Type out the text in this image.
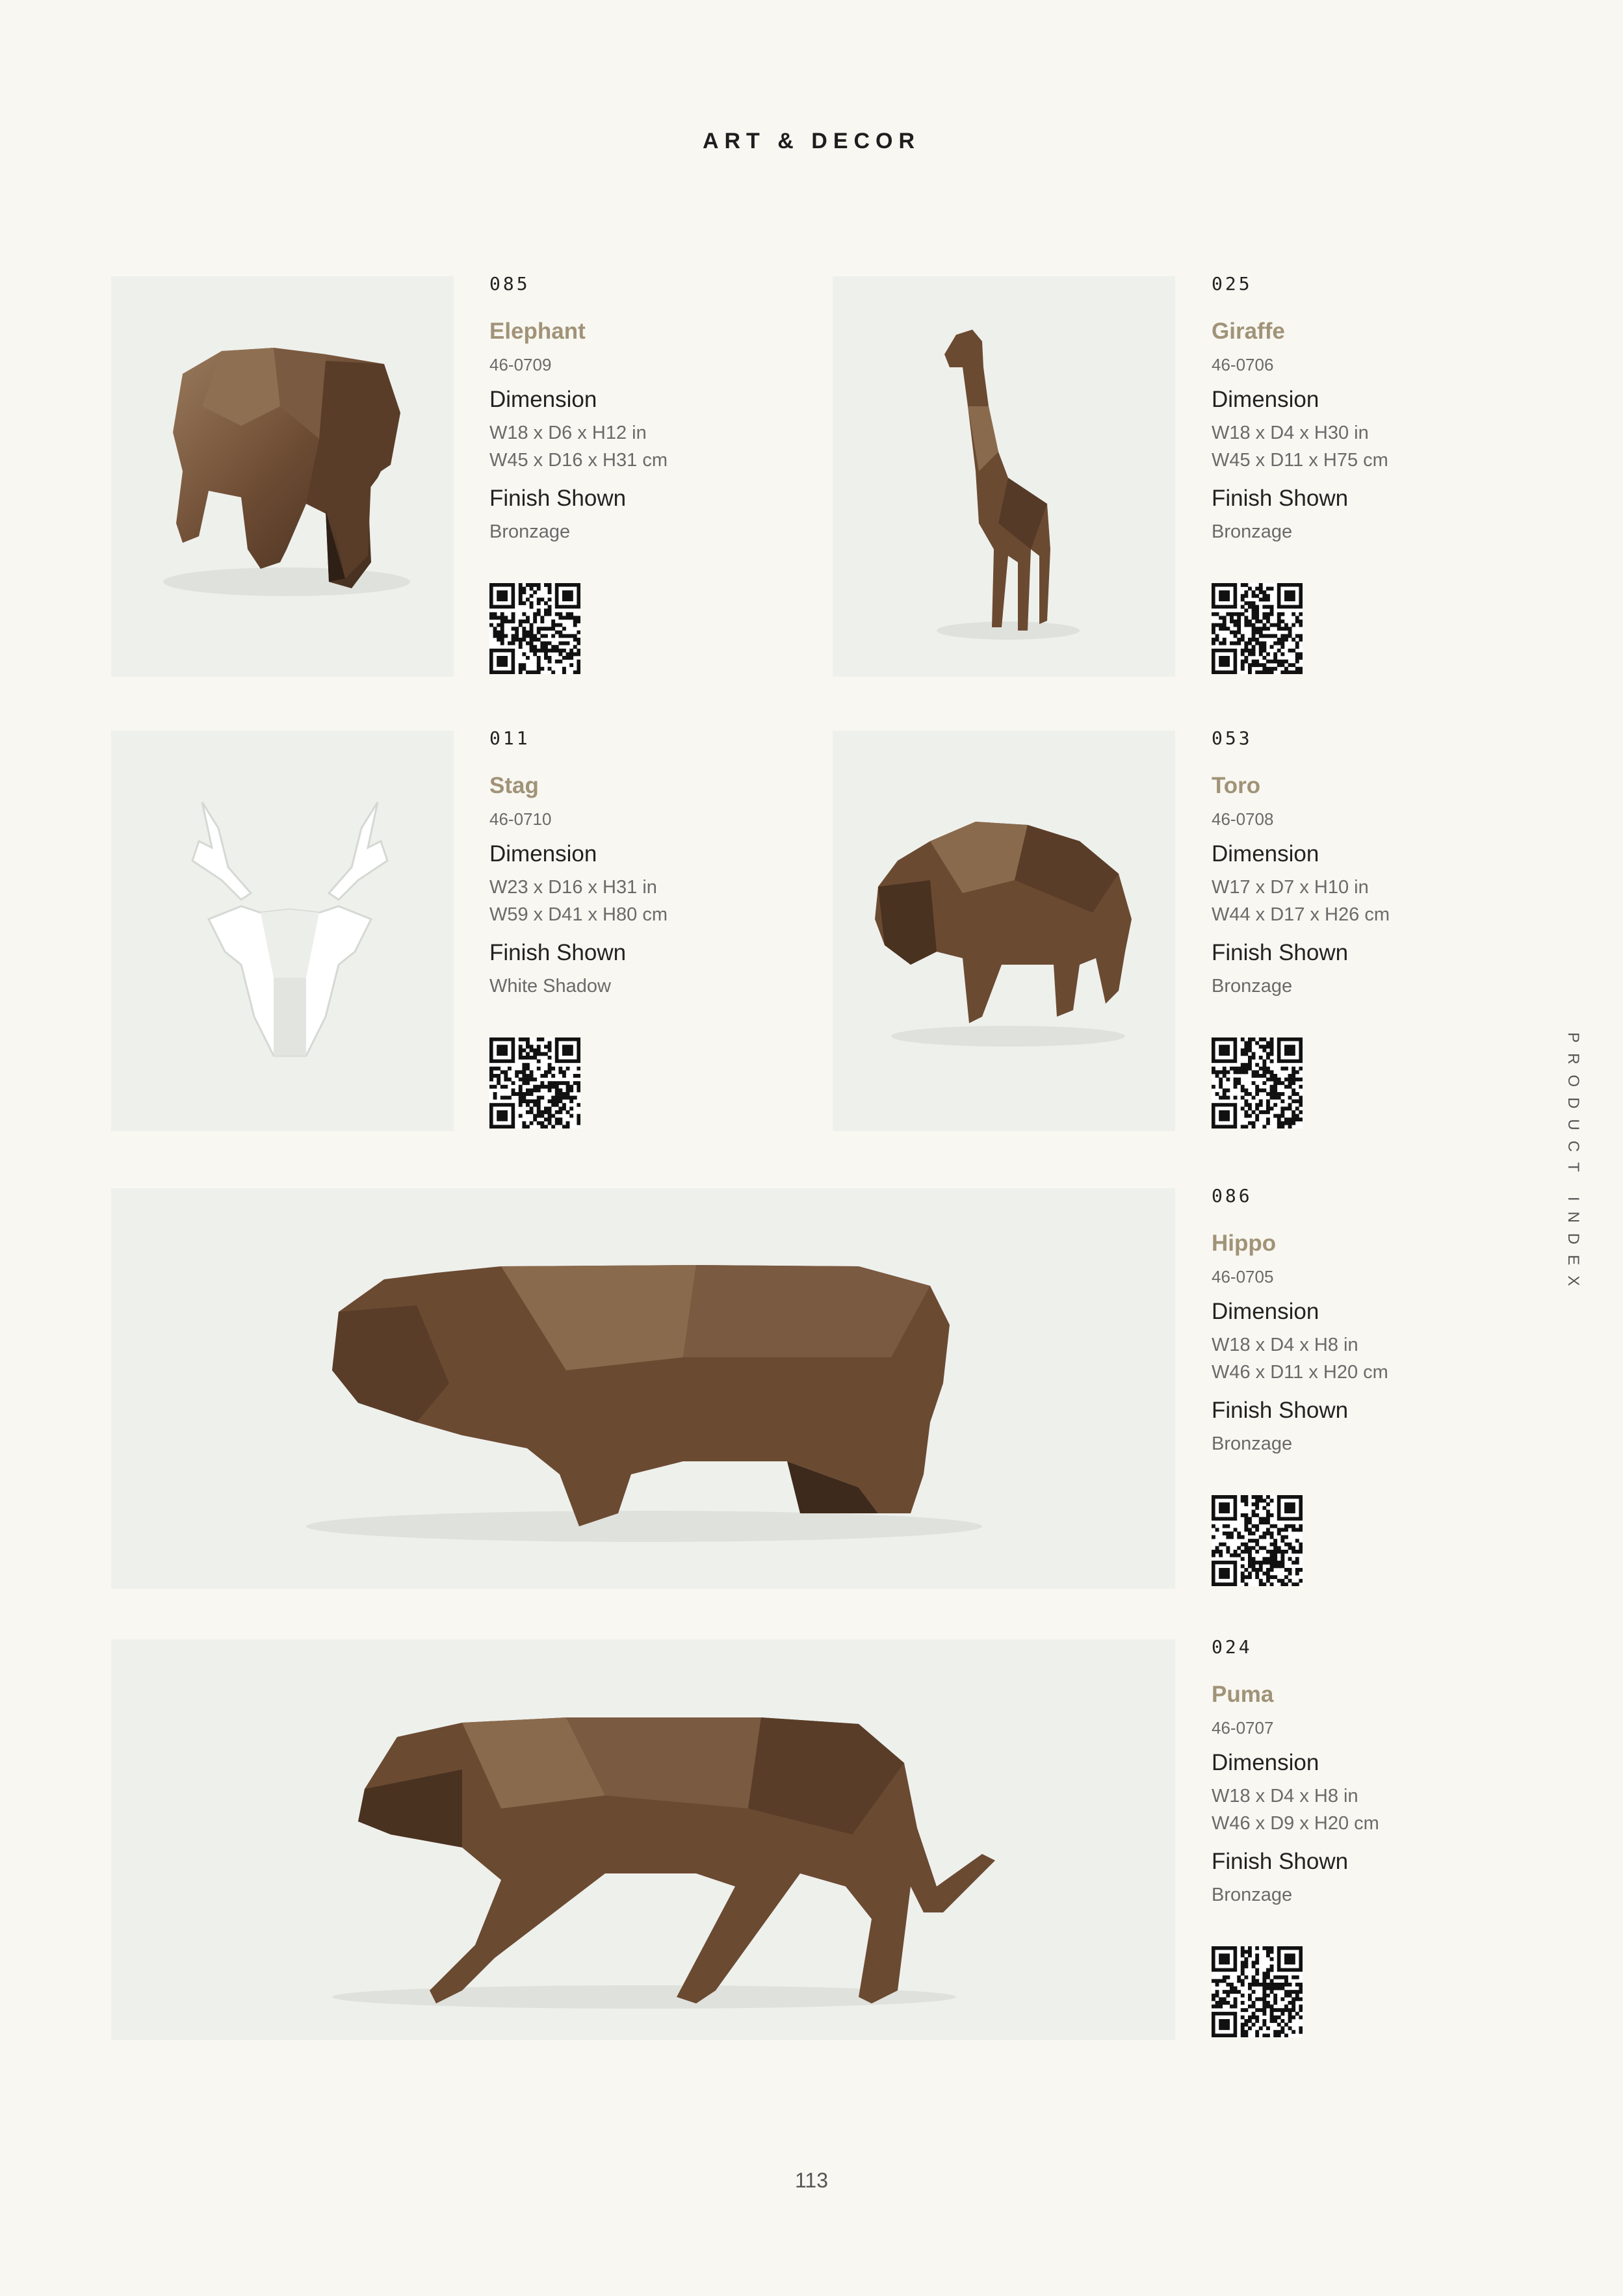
ART & DECOR
PRODUCT INDEX
085
Elephant
46-0709
Dimension
W18 x D6 x H12 in
W45 x D16 x H31 cm
Finish Shown
Bronzage
025
Giraffe
46-0706
Dimension
W18 x D4 x H30 in
W45 x D11 x H75 cm
Finish Shown
Bronzage
011
Stag
46-0710
Dimension
W23 x D16 x H31 in
W59 x D41 x H80 cm
Finish Shown
White Shadow
053
Toro
46-0708
Dimension
W17 x D7 x H10 in
W44 x D17 x H26 cm
Finish Shown
Bronzage
086
Hippo
46-0705
Dimension
W18 x D4 x H8 in
W46 x D11 x H20 cm
Finish Shown
Bronzage
024
Puma
46-0707
Dimension
W18 x D4 x H8 in
W46 x D9 x H20 cm
Finish Shown
Bronzage
113
